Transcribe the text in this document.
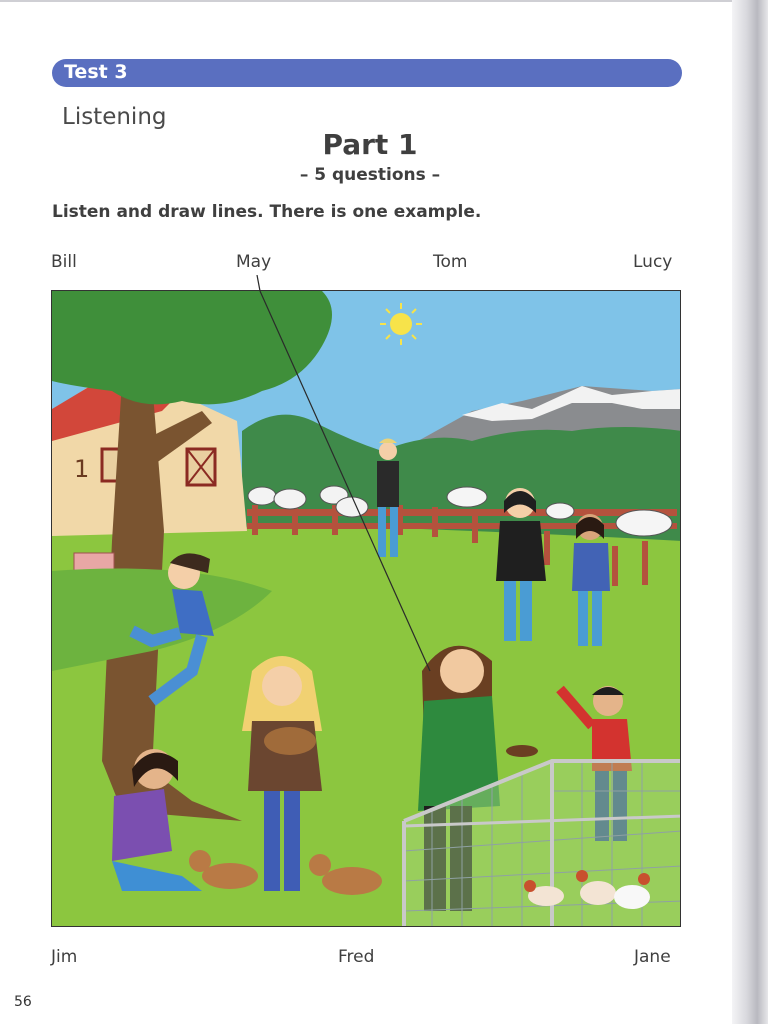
Test 3
Listening
Part 1
– 5 questions –
Listen and draw lines. There is one example.
Bill	May	Tom	Lucy
1
Jim	Fred	Jane
56
